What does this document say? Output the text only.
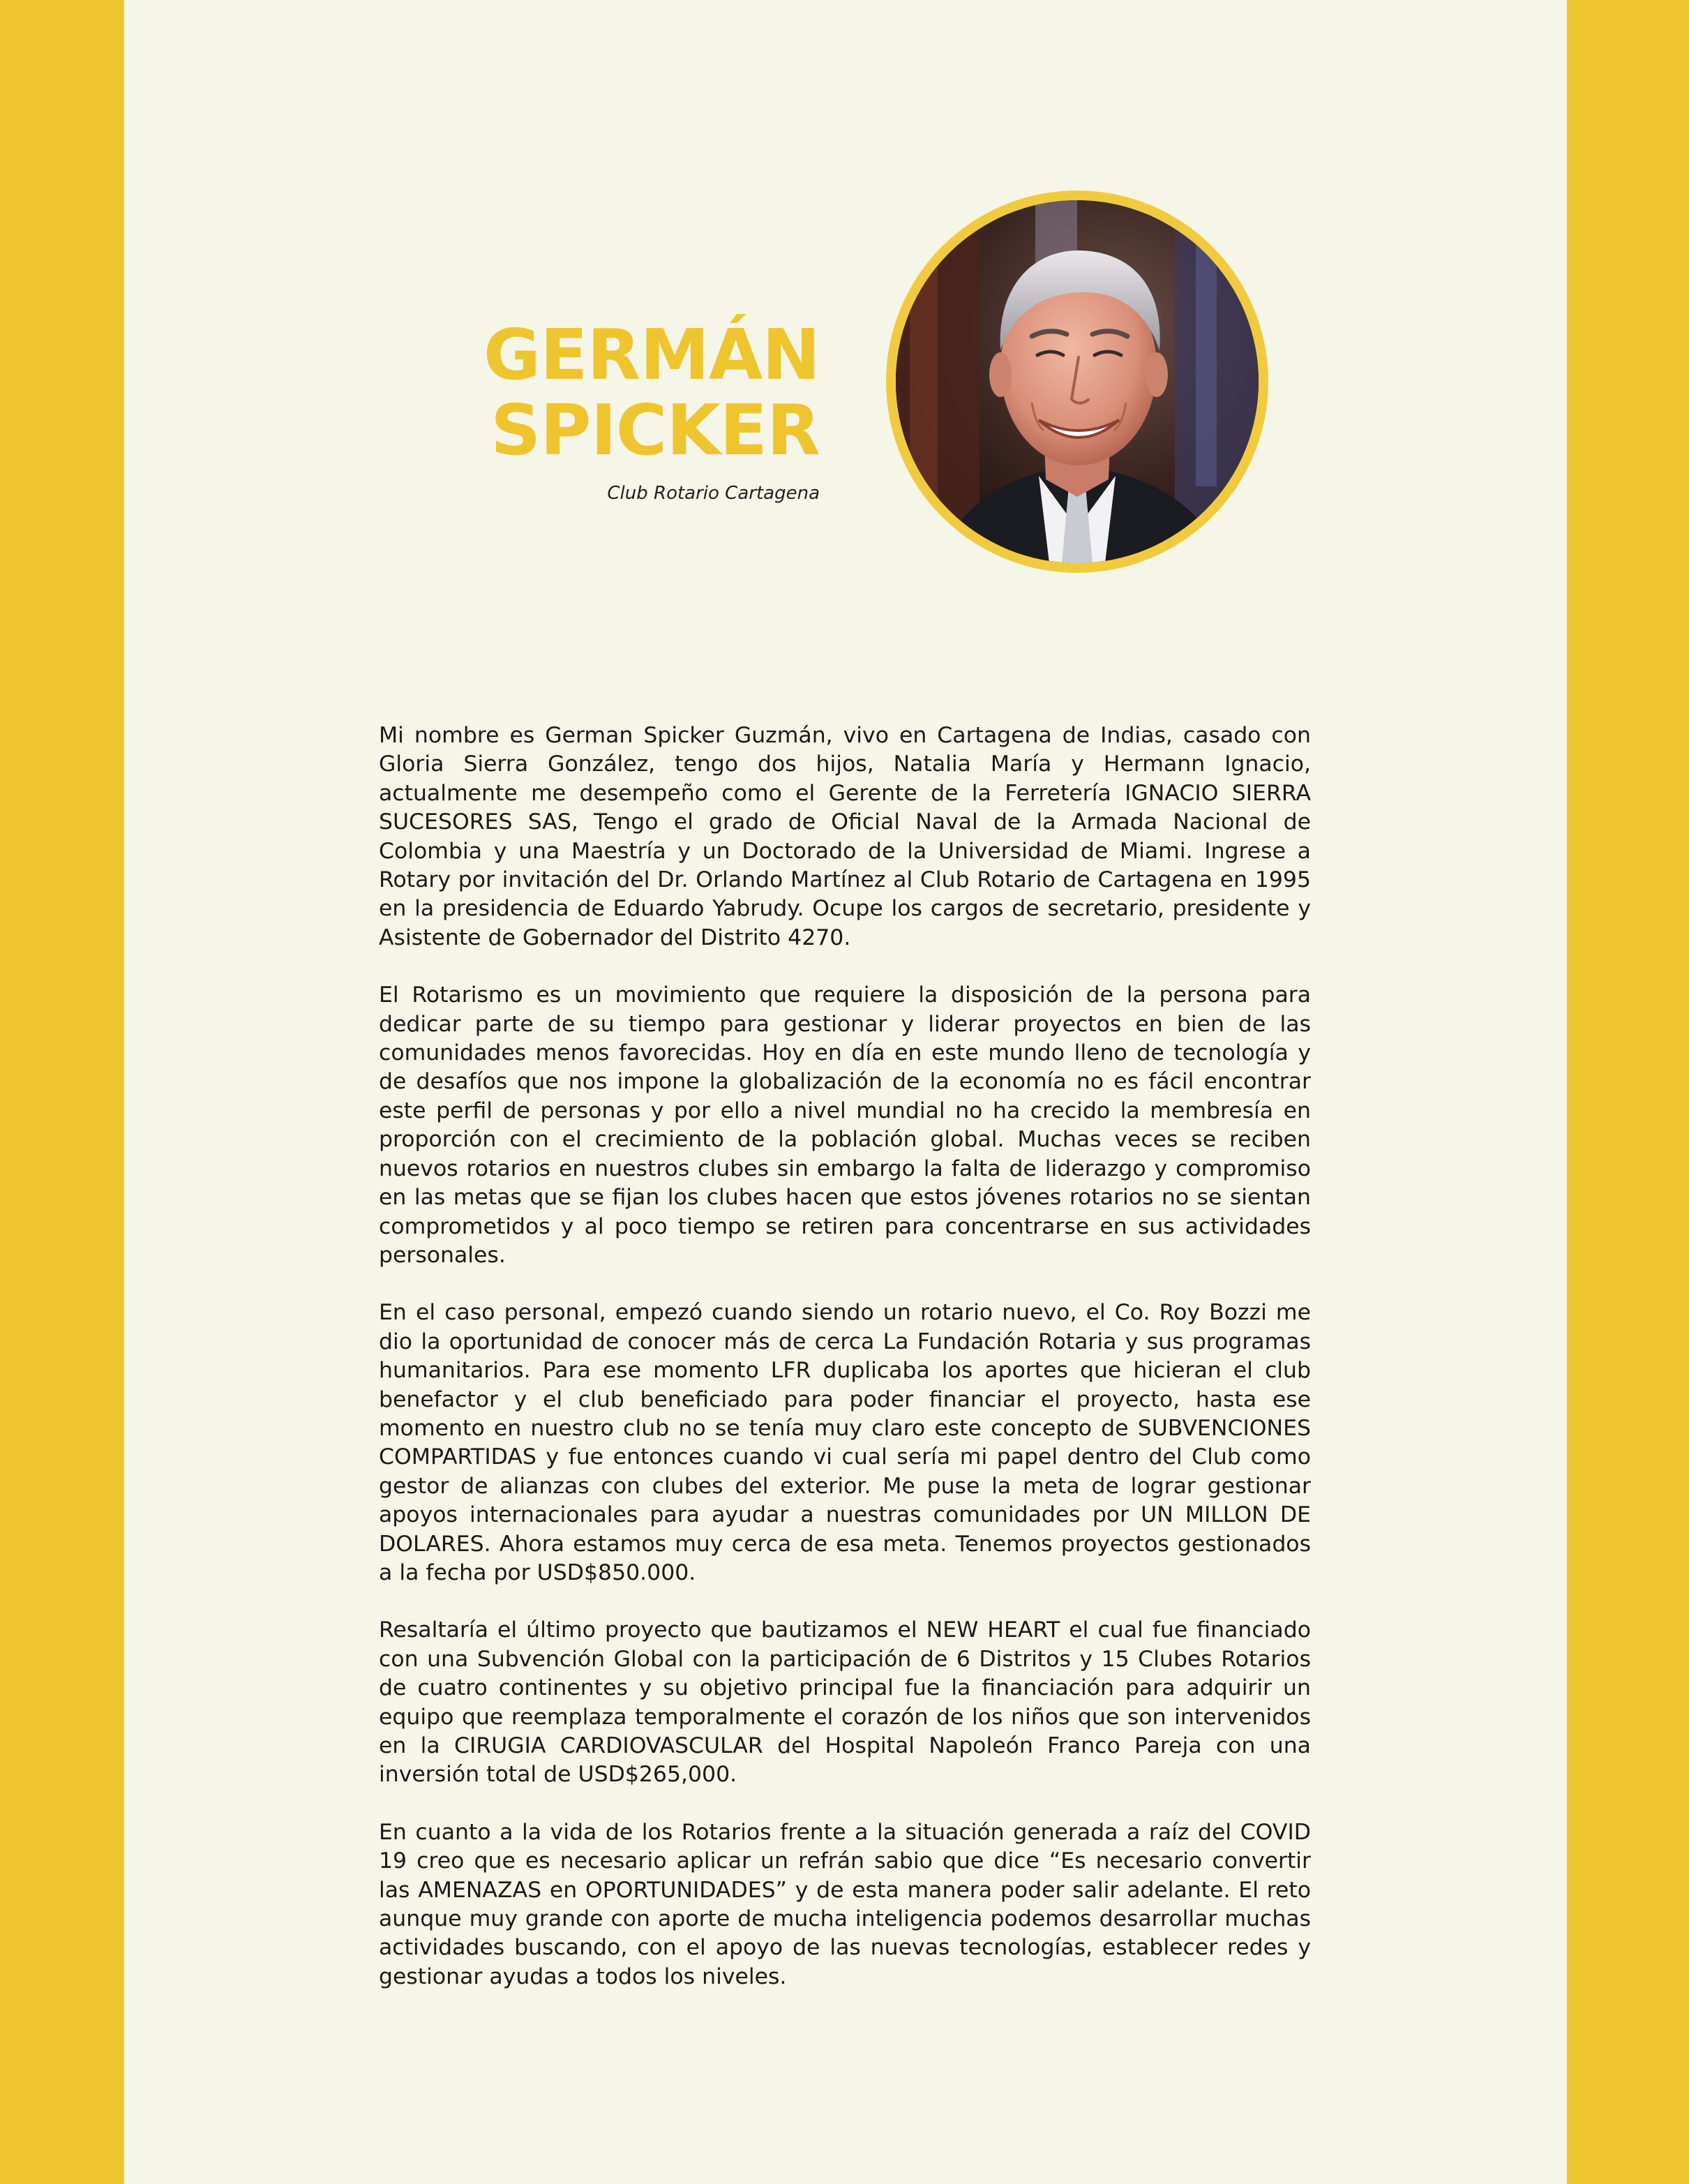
GERMÁN
SPICKER

Club Rotario Cartagena

Mi nombre es German Spicker Guzmán, vivo en Cartagena de Indias, casado con Gloria Sierra González, tengo dos hijos, Natalia María y Hermann Ignacio, actualmente me desempeño como el Gerente de la Ferretería IGNACIO SIERRA SUCESORES SAS, Tengo el grado de Oficial Naval de la Armada Nacional de Colombia y una Maestría y un Doctorado de la Universidad de Miami. Ingrese a Rotary por invitación del Dr. Orlando Martínez al Club Rotario de Cartagena en 1995 en la presidencia de Eduardo Yabrudy. Ocupe los cargos de secretario, presidente y Asistente de Gobernador del Distrito 4270.

El Rotarismo es un movimiento que requiere la disposición de la persona para dedicar parte de su tiempo para gestionar y liderar proyectos en bien de las comunidades menos favorecidas. Hoy en día en este mundo lleno de tecnología y de desafíos que nos impone la globalización de la economía no es fácil encontrar este perfil de personas y por ello a nivel mundial no ha crecido la membresía en proporción con el crecimiento de la población global. Muchas veces se reciben nuevos rotarios en nuestros clubes sin embargo la falta de liderazgo y compromiso en las metas que se fijan los clubes hacen que estos jóvenes rotarios no se sientan comprometidos y al poco tiempo se retiren para concentrarse en sus actividades personales.

En el caso personal, empezó cuando siendo un rotario nuevo, el Co. Roy Bozzi me dio la oportunidad de conocer más de cerca La Fundación Rotaria y sus programas humanitarios. Para ese momento LFR duplicaba los aportes que hicieran el club benefactor y el club beneficiado para poder financiar el proyecto, hasta ese momento en nuestro club no se tenía muy claro este concepto de SUBVENCIONES COMPARTIDAS y fue entonces cuando vi cual sería mi papel dentro del Club como gestor de alianzas con clubes del exterior. Me puse la meta de lograr gestionar apoyos internacionales para ayudar a nuestras comunidades por UN MILLON DE DOLARES. Ahora estamos muy cerca de esa meta. Tenemos proyectos gestionados a la fecha por USD$850.000.

Resaltaría el último proyecto que bautizamos el NEW HEART el cual fue financiado con una Subvención Global con la participación de 6 Distritos y 15 Clubes Rotarios de cuatro continentes y su objetivo principal fue la financiación para adquirir un equipo que reemplaza temporalmente el corazón de los niños que son intervenidos en la CIRUGIA CARDIOVASCULAR del Hospital Napoleón Franco Pareja con una inversión total de USD$265,000.

En cuanto a la vida de los Rotarios frente a la situación generada a raíz del COVID 19 creo que es necesario aplicar un refrán sabio que dice “Es necesario convertir las AMENAZAS en OPORTUNIDADES” y de esta manera poder salir adelante. El reto aunque muy grande con aporte de mucha inteligencia podemos desarrollar muchas actividades buscando, con el apoyo de las nuevas tecnologías, establecer redes y gestionar ayudas a todos los niveles.
